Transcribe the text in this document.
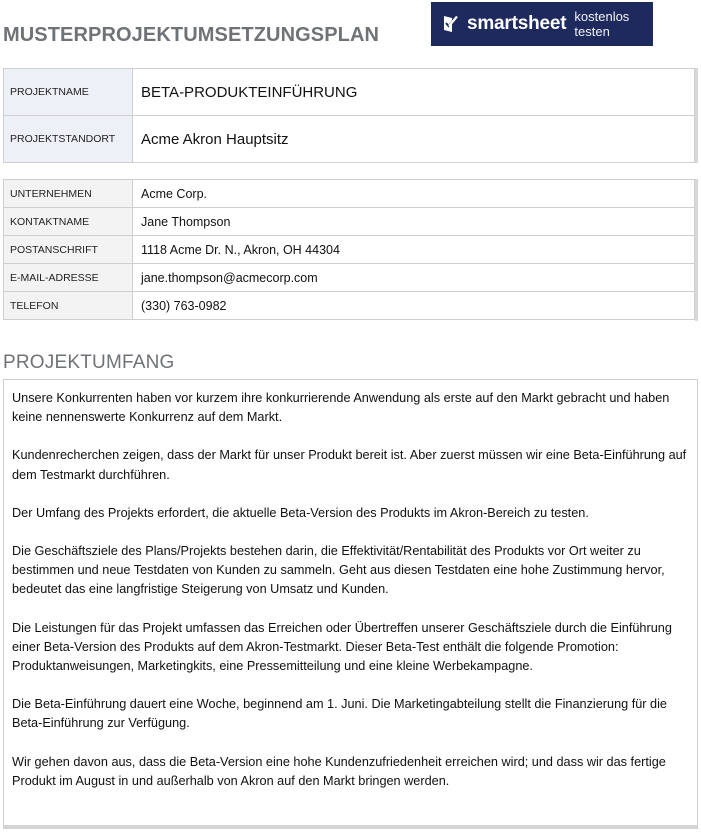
MUSTERPROJEKTUMSETZUNGSPLAN
smartsheet kostenlos testen
PROJEKTNAME	BETA-PRODUKTEINFÜHRUNG
PROJEKTSTANDORT	Acme Akron Hauptsitz
UNTERNEHMEN	Acme Corp.
KONTAKTNAME	Jane Thompson
POSTANSCHRIFT	1118 Acme Dr. N., Akron, OH 44304
E-MAIL-ADRESSE	jane.thompson@acmecorp.com
TELEFON	(330) 763-0982
PROJEKTUMFANG

Unsere Konkurrenten haben vor kurzem ihre konkurrierende Anwendung als erste auf den Markt gebracht und haben keine nennenswerte Konkurrenz auf dem Markt.

Kundenrecherchen zeigen, dass der Markt für unser Produkt bereit ist. Aber zuerst müssen wir eine Beta-Einführung auf dem Testmarkt durchführen.

Der Umfang des Projekts erfordert, die aktuelle Beta-Version des Produkts im Akron-Bereich zu testen.

Die Geschäftsziele des Plans/Projekts bestehen darin, die Effektivität/Rentabilität des Produkts vor Ort weiter zu bestimmen und neue Testdaten von Kunden zu sammeln. Geht aus diesen Testdaten eine hohe Zustimmung hervor, bedeutet das eine langfristige Steigerung von Umsatz und Kunden.

Die Leistungen für das Projekt umfassen das Erreichen oder Übertreffen unserer Geschäftsziele durch die Einführung einer Beta-Version des Produkts auf dem Akron-Testmarkt. Dieser Beta-Test enthält die folgende Promotion: Produktanweisungen, Marketingkits, eine Pressemitteilung und eine kleine Werbekampagne.

Die Beta-Einführung dauert eine Woche, beginnend am 1. Juni. Die Marketingabteilung stellt die Finanzierung für die Beta-Einführung zur Verfügung.

Wir gehen davon aus, dass die Beta-Version eine hohe Kundenzufriedenheit erreichen wird; und dass wir das fertige Produkt im August in und außerhalb von Akron auf den Markt bringen werden.
